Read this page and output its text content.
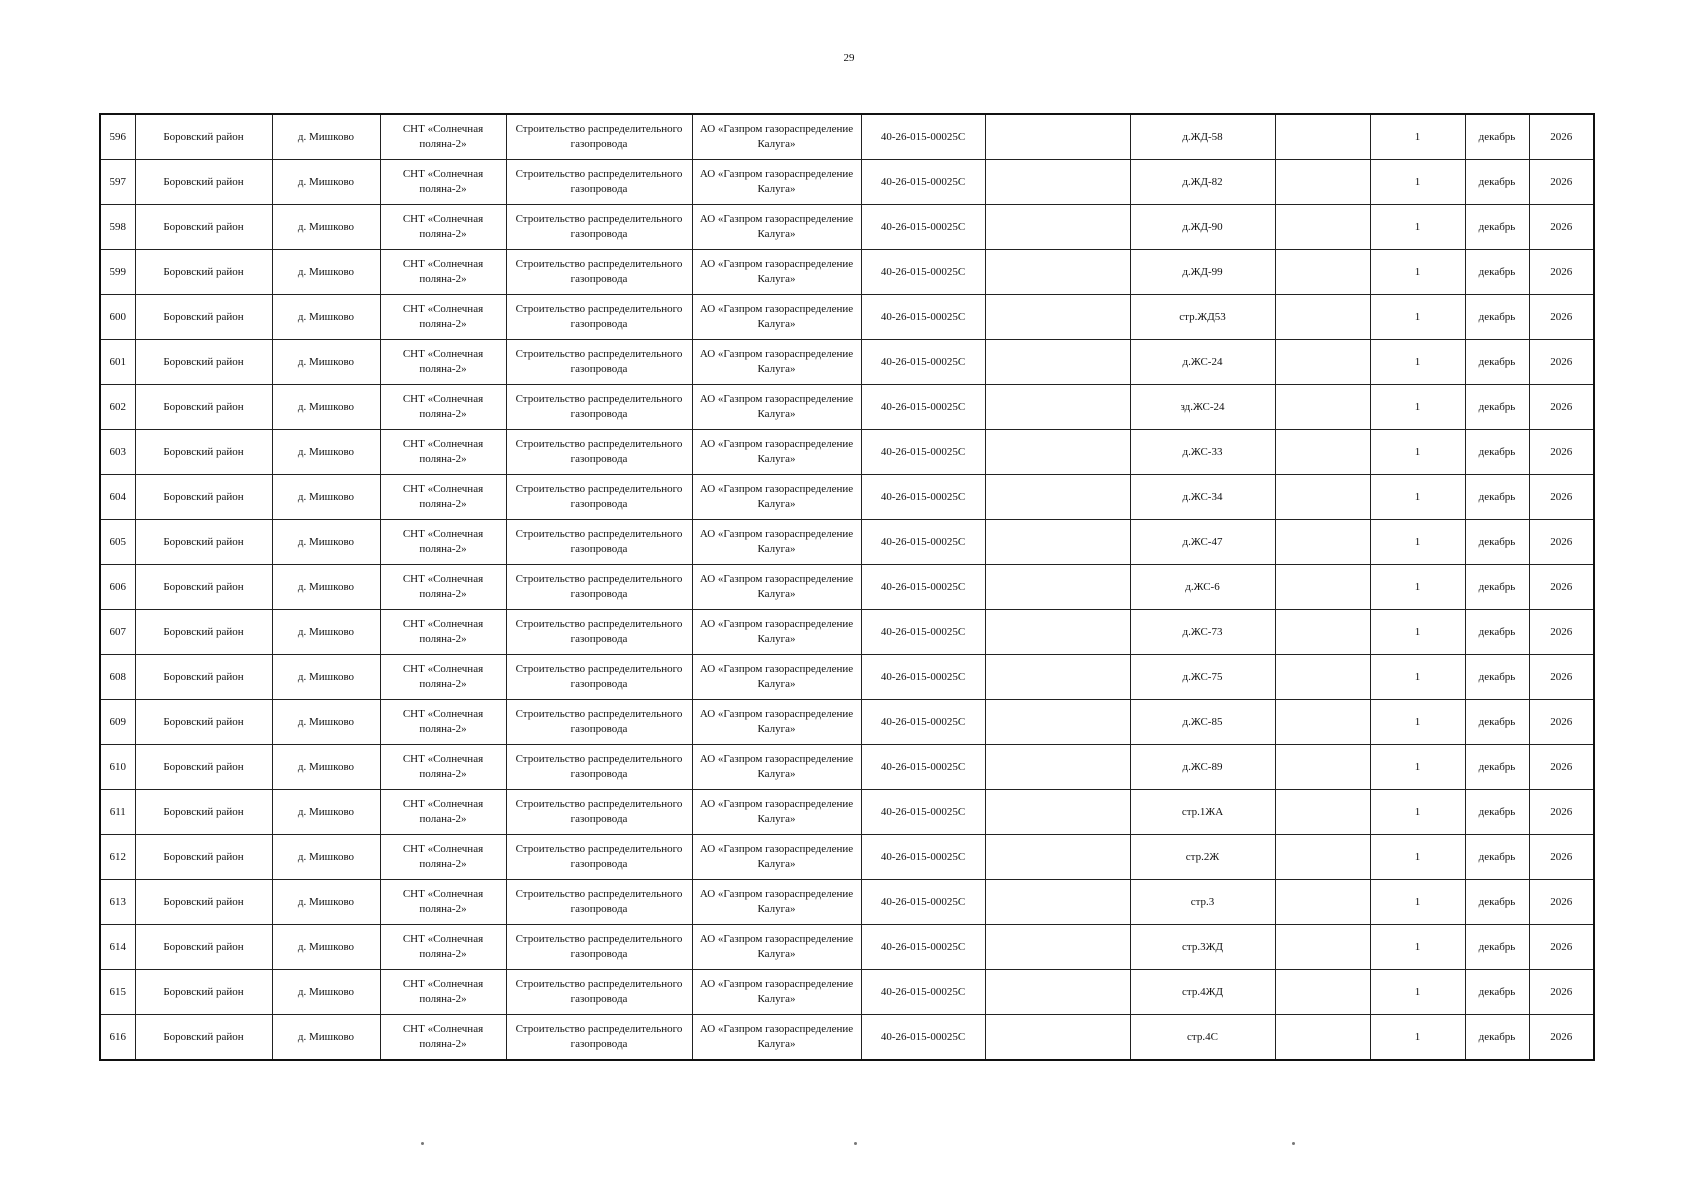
29
596	Боровский район	д. Мишково	СНТ «Солнечная поляна-2»	Строительство распределительного газопровода	АО «Газпром газораспределение Калуга»	40-26-015-00025С		д.ЖД-58		1	декабрь	2026
597	Боровский район	д. Мишково	СНТ «Солнечная поляна-2»	Строительство распределительного газопровода	АО «Газпром газораспределение Калуга»	40-26-015-00025С		д.ЖД-82		1	декабрь	2026
598	Боровский район	д. Мишково	СНТ «Солнечная поляна-2»	Строительство распределительного газопровода	АО «Газпром газораспределение Калуга»	40-26-015-00025С		д.ЖД-90		1	декабрь	2026
599	Боровский район	д. Мишково	СНТ «Солнечная поляна-2»	Строительство распределительного газопровода	АО «Газпром газораспределение Калуга»	40-26-015-00025С		д.ЖД-99		1	декабрь	2026
600	Боровский район	д. Мишково	СНТ «Солнечная поляна-2»	Строительство распределительного газопровода	АО «Газпром газораспределение Калуга»	40-26-015-00025С		стр.ЖД53		1	декабрь	2026
601	Боровский район	д. Мишково	СНТ «Солнечная поляна-2»	Строительство распределительного газопровода	АО «Газпром газораспределение Калуга»	40-26-015-00025С		д.ЖС-24		1	декабрь	2026
602	Боровский район	д. Мишково	СНТ «Солнечная поляна-2»	Строительство распределительного газопровода	АО «Газпром газораспределение Калуга»	40-26-015-00025С		зд.ЖС-24		1	декабрь	2026
603	Боровский район	д. Мишково	СНТ «Солнечная поляна-2»	Строительство распределительного газопровода	АО «Газпром газораспределение Калуга»	40-26-015-00025С		д.ЖС-33		1	декабрь	2026
604	Боровский район	д. Мишково	СНТ «Солнечная поляна-2»	Строительство распределительного газопровода	АО «Газпром газораспределение Калуга»	40-26-015-00025С		д.ЖС-34		1	декабрь	2026
605	Боровский район	д. Мишково	СНТ «Солнечная поляна-2»	Строительство распределительного газопровода	АО «Газпром газораспределение Калуга»	40-26-015-00025С		д.ЖС-47		1	декабрь	2026
606	Боровский район	д. Мишково	СНТ «Солнечная поляна-2»	Строительство распределительного газопровода	АО «Газпром газораспределение Калуга»	40-26-015-00025С		д.ЖС-6		1	декабрь	2026
607	Боровский район	д. Мишково	СНТ «Солнечная поляна-2»	Строительство распределительного газопровода	АО «Газпром газораспределение Калуга»	40-26-015-00025С		д.ЖС-73		1	декабрь	2026
608	Боровский район	д. Мишково	СНТ «Солнечная поляна-2»	Строительство распределительного газопровода	АО «Газпром газораспределение Калуга»	40-26-015-00025С		д.ЖС-75		1	декабрь	2026
609	Боровский район	д. Мишково	СНТ «Солнечная поляна-2»	Строительство распределительного газопровода	АО «Газпром газораспределение Калуга»	40-26-015-00025С		д.ЖС-85		1	декабрь	2026
610	Боровский район	д. Мишково	СНТ «Солнечная поляна-2»	Строительство распределительного газопровода	АО «Газпром газораспределение Калуга»	40-26-015-00025С		д.ЖС-89		1	декабрь	2026
611	Боровский район	д. Мишково	СНТ «Солнечная полана-2»	Строительство распределительного газопровода	АО «Газпром газораспределение Калуга»	40-26-015-00025С		стр.1ЖА		1	декабрь	2026
612	Боровский район	д. Мишково	СНТ «Солнечная поляна-2»	Строительство распределительного газопровода	АО «Газпром газораспределение Калуга»	40-26-015-00025С		стр.2Ж		1	декабрь	2026
613	Боровский район	д. Мишково	СНТ «Солнечная поляна-2»	Строительство распределительного газопровода	АО «Газпром газораспределение Калуга»	40-26-015-00025С		стр.3		1	декабрь	2026
614	Боровский район	д. Мишково	СНТ «Солнечная поляна-2»	Строительство распределительного газопровода	АО «Газпром газораспределение Калуга»	40-26-015-00025С		стр.3ЖД		1	декабрь	2026
615	Боровский район	д. Мишково	СНТ «Солнечная поляна-2»	Строительство распределительного газопровода	АО «Газпром газораспределение Калуга»	40-26-015-00025С		стр.4ЖД		1	декабрь	2026
616	Боровский район	д. Мишково	СНТ «Солнечная поляна-2»	Строительство распределительного газопровода	АО «Газпром газораспределение Калуга»	40-26-015-00025С		стр.4С		1	декабрь	2026
